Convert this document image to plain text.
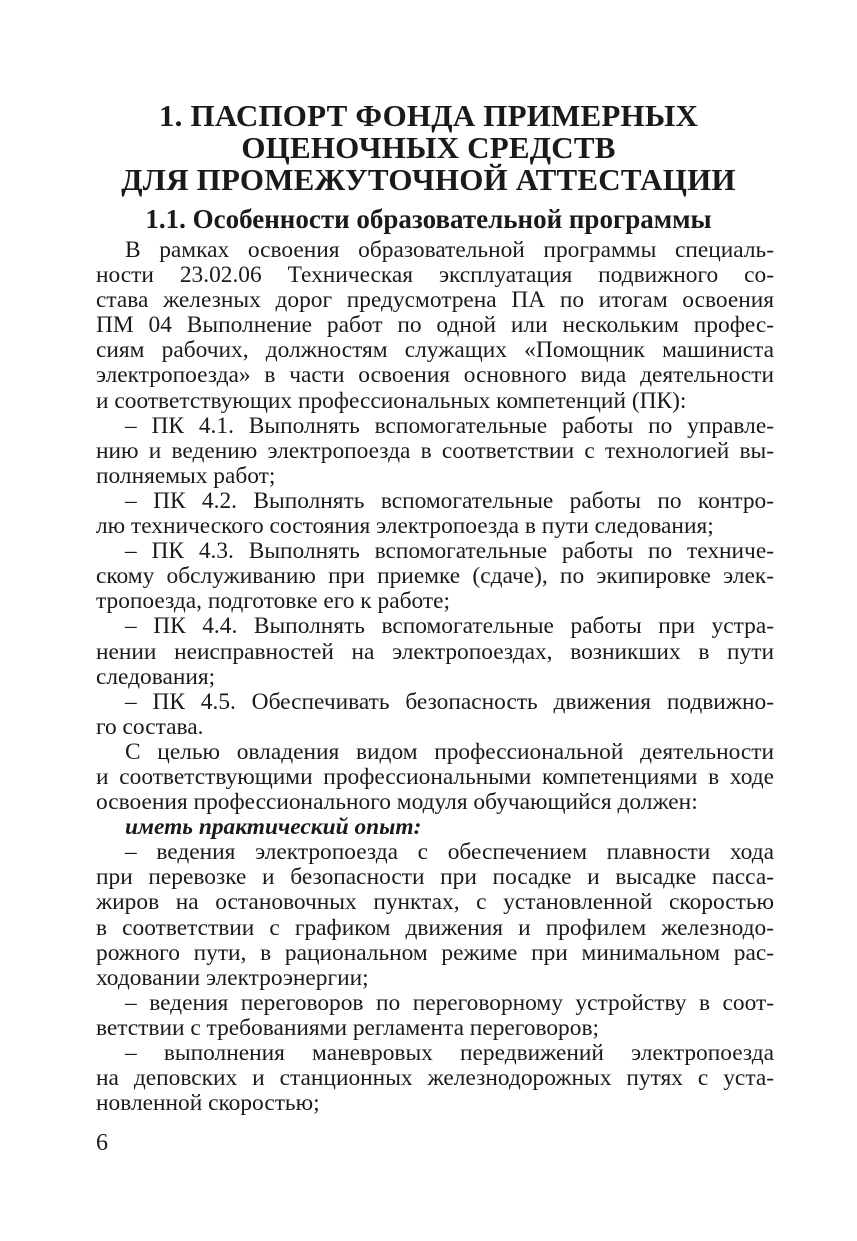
1. ПАСПОРТ ФОНДА ПРИМЕРНЫХ
ОЦЕНОЧНЫХ СРЕДСТВ
ДЛЯ ПРОМЕЖУТОЧНОЙ АТТЕСТАЦИИ
1.1. Особенности образовательной программы
В рамках освоения образовательной программы специаль-
ности 23.02.06 Техническая эксплуатация подвижного со-
става железных дорог предусмотрена ПА по итогам освоения
ПМ 04 Выполнение работ по одной или нескольким профес-
сиям рабочих, должностям служащих «Помощник машиниста
электропоезда» в части освоения основного вида деятельности
и соответствующих профессиональных компетенций (ПК):
– ПК 4.1. Выполнять вспомогательные работы по управле-
нию и ведению электропоезда в соответствии с технологией вы-
полняемых работ;
– ПК 4.2. Выполнять вспомогательные работы по контро-
лю технического состояния электропоезда в пути следования;
– ПК 4.3. Выполнять вспомогательные работы по техниче-
скому обслуживанию при приемке (сдаче), по экипировке элек-
тропоезда, подготовке его к работе;
– ПК 4.4. Выполнять вспомогательные работы при устра-
нении неисправностей на электропоездах, возникших в пути
следования;
– ПК 4.5. Обеспечивать безопасность движения подвижно-
го состава.
С целью овладения видом профессиональной деятельности
и соответствующими профессиональными компетенциями в ходе
освоения профессионального модуля обучающийся должен:
иметь практический опыт:
– ведения электропоезда с обеспечением плавности хода
при перевозке и безопасности при посадке и высадке пасса-
жиров на остановочных пунктах, с установленной скоростью
в соответствии с графиком движения и профилем железнодо-
рожного пути, в рациональном режиме при минимальном рас-
ходовании электроэнергии;
– ведения переговоров по переговорному устройству в соот-
ветствии с требованиями регламента переговоров;
– выполнения маневровых передвижений электропоезда
на деповских и станционных железнодорожных путях с уста-
новленной скоростью;
6
